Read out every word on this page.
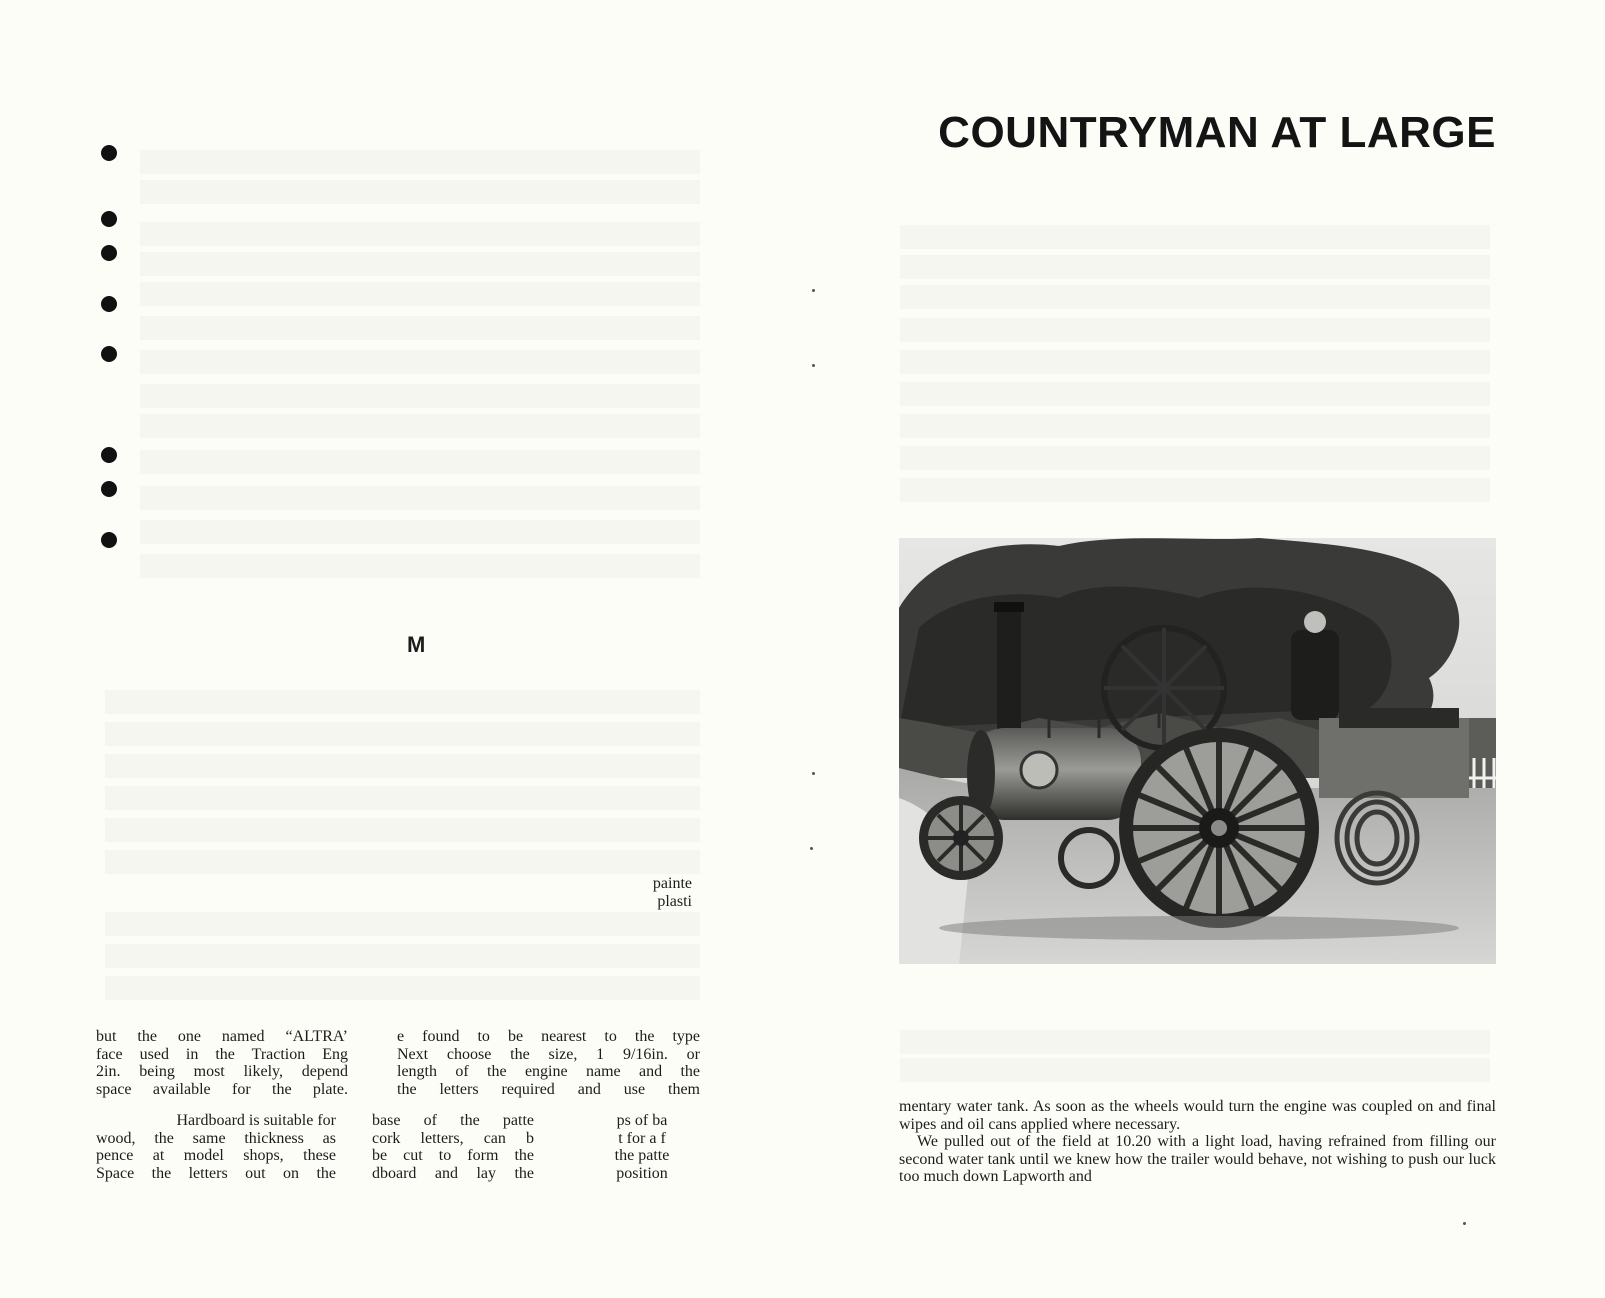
M
painte
plasti
but the one named “ALTRA’
face used in the Traction Eng
2in. being most likely, depend
space available for the plate.
e found to be nearest to the type
Next choose the size, 1 9/16in. or
length of the engine name and the
the letters required and use them
Hardboard is suitable for
wood, the same thickness as
pence at model shops, these
Space the letters out on the
base of the patte
cork letters, can b
be cut to form the
dboard and lay the
ps of ba
t for a f
the patte
position
COUNTRYMAN AT LARGE

mentary water tank. As soon as the wheels would turn the engine was coupled on and final wipes and oil cans applied where necessary.

We pulled out of the field at 10.20 with a light load, having refrained from filling our second water tank until we knew how the trailer would behave, not wishing to push our luck too much down Lapworth and
